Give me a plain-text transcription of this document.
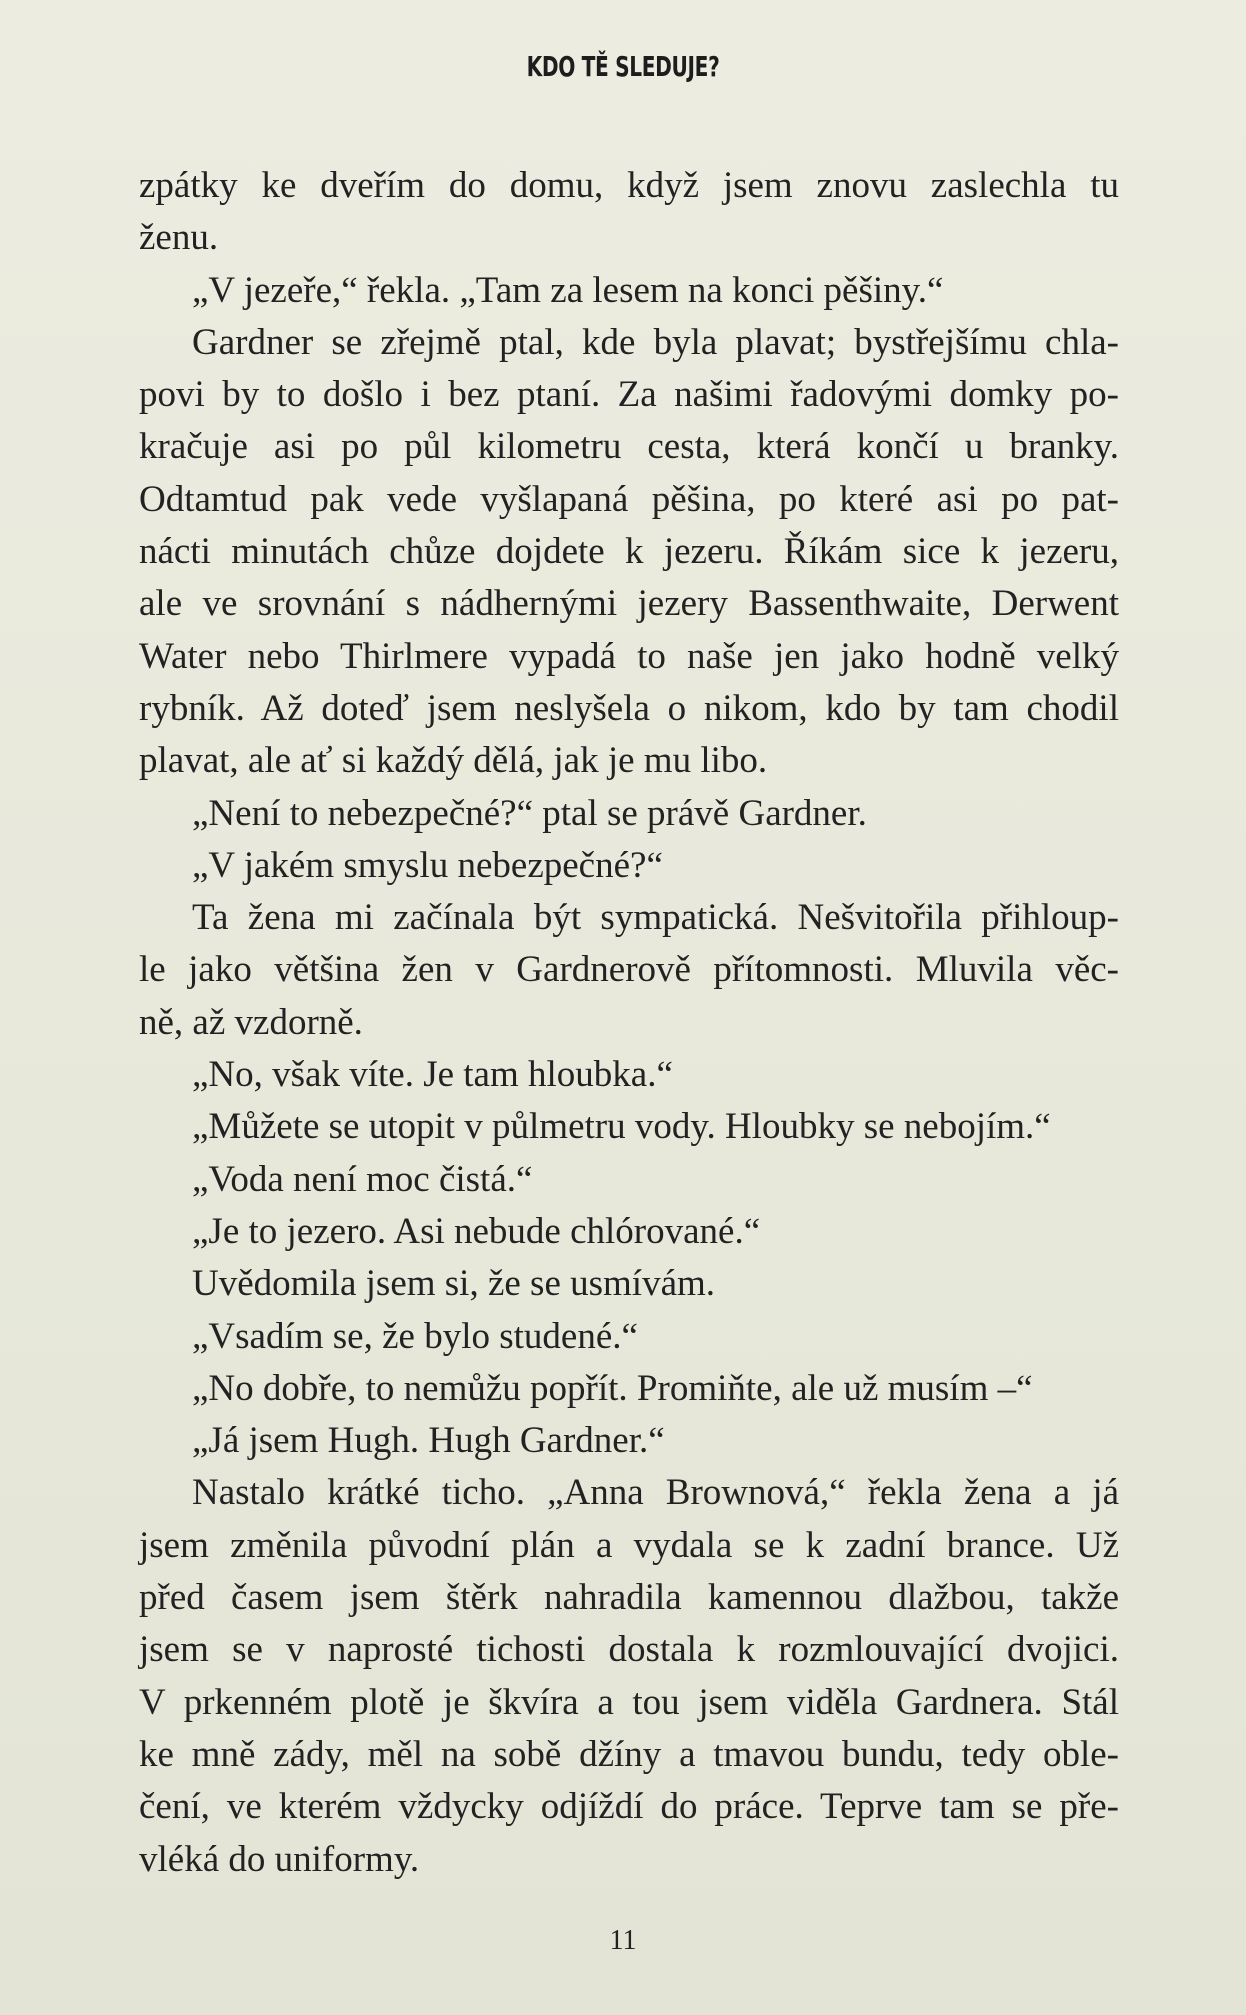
KDO TĚ SLEDUJE?
zpátky ke dveřím do domu, když jsem znovu zaslechla tu
ženu.
„V jezeře,“ řekla. „Tam za lesem na konci pěšiny.“
Gardner se zřejmě ptal, kde byla plavat; bystřejšímu chla-
povi by to došlo i bez ptaní. Za našimi řadovými domky po-
kračuje asi po půl kilometru cesta, která končí u branky.
Odtamtud pak vede vyšlapaná pěšina, po které asi po pat-
nácti minutách chůze dojdete k jezeru. Říkám sice k jezeru,
ale ve srovnání s nádhernými jezery Bassenthwaite, Derwent
Water nebo Thirlmere vypadá to naše jen jako hodně velký
rybník. Až doteď jsem neslyšela o nikom, kdo by tam chodil
plavat, ale ať si každý dělá, jak je mu libo.
„Není to nebezpečné?“ ptal se právě Gardner.
„V jakém smyslu nebezpečné?“
Ta žena mi začínala být sympatická. Nešvitořila přihloup-
le jako většina žen v Gardnerově přítomnosti. Mluvila věc-
ně, až vzdorně.
„No, však víte. Je tam hloubka.“
„Můžete se utopit v půlmetru vody. Hloubky se nebojím.“
„Voda není moc čistá.“
„Je to jezero. Asi nebude chlórované.“
Uvědomila jsem si, že se usmívám.
„Vsadím se, že bylo studené.“
„No dobře, to nemůžu popřít. Promiňte, ale už musím –“
„Já jsem Hugh. Hugh Gardner.“
Nastalo krátké ticho. „Anna Brownová,“ řekla žena a já
jsem změnila původní plán a vydala se k zadní brance. Už
před časem jsem štěrk nahradila kamennou dlažbou, takže
jsem se v naprosté tichosti dostala k rozmlouvající dvojici.
V prkenném plotě je škvíra a tou jsem viděla Gardnera. Stál
ke mně zády, měl na sobě džíny a tmavou bundu, tedy oble-
čení, ve kterém vždycky odjíždí do práce. Teprve tam se pře-
vléká do uniformy.
11
